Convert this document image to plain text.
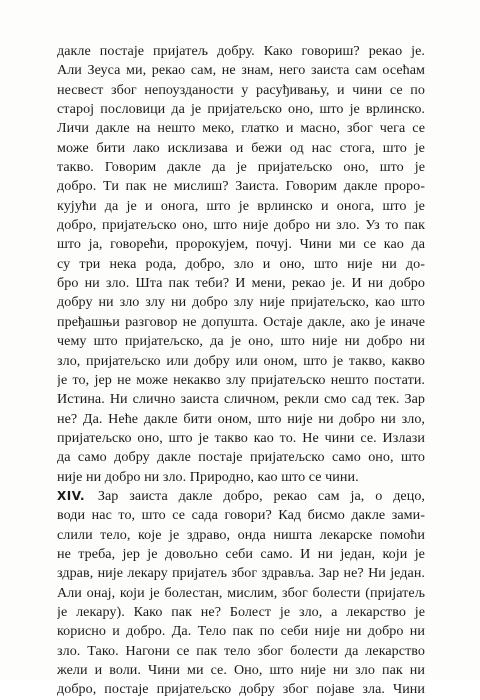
дакле постаје пријатељ добру. Како говориш? рекао је.
Али Зеуса ми, рекао сам, не знам, него заиста сам осећам
несвест због непоузданости у расуђивању, и чини се по
старој пословици да је пријатељско оно, што је врлинско.
Личи дакле на нешто меко, глатко и масно, због чега се
може бити лако исклизава и бежи од нас стога, што је
такво. Говорим дакле да је пријатељско оно, што је
добро. Ти пак не мислиш? Заиста. Говорим дакле проро-
кујући да је и онога, што је врлинско и онога, што је
добро, пријатељско оно, што није добро ни зло. Уз то пак
што ја, говорећи, пророкујем, почуј. Чини ми се као да
су три нека рода, добро, зло и оно, што није ни до-
бро ни зло. Шта пак теби? И мени, рекао је. И ни добро
добру ни зло злу ни добро злу није пријатељско, као што
пређашњи разговор не допушта. Остаје дакле, ако је иначе
чему што пријатељско, да је оно, што није ни добро ни
зло, пријатељско или добру или оном, што је такво, какво
је то, јер не може некакво злу пријатељско нешто постати.
Истина. Ни слично заиста сличном, рекли смо сад тек. Зар
не? Да. Неће дакле бити оном, што није ни добро ни зло,
пријатељско оно, што је такво као то. Не чини се. Излази
да само добру дакле постаје пријатељско само оно, што
није ни добро ни зло. Природно, као што се чини.
XIV. Зар заиста дакле добро, рекао сам ја, о децо,
води нас то, што се сада говори? Кад бисмо дакле зами-
слили тело, које је здраво, онда ништа лекарске помоћи
не треба, јер је довољно себи само. И ни један, који је
здрав, није лекару пријатељ због здравља. Зар не? Ни један.
Али онај, који је болестан, мислим, због болести (пријатељ
је лекару). Како пак не? Болест је зло, а лекарство је
корисно и добро. Да. Тело пак по себи није ни добро ни
зло. Тако. Нагони се пак тело због болести да лекарство
жели и воли. Чини ми се. Оно, што није ни зло пак ни
добро, постаје пријатељско добру због појаве зла. Чини
